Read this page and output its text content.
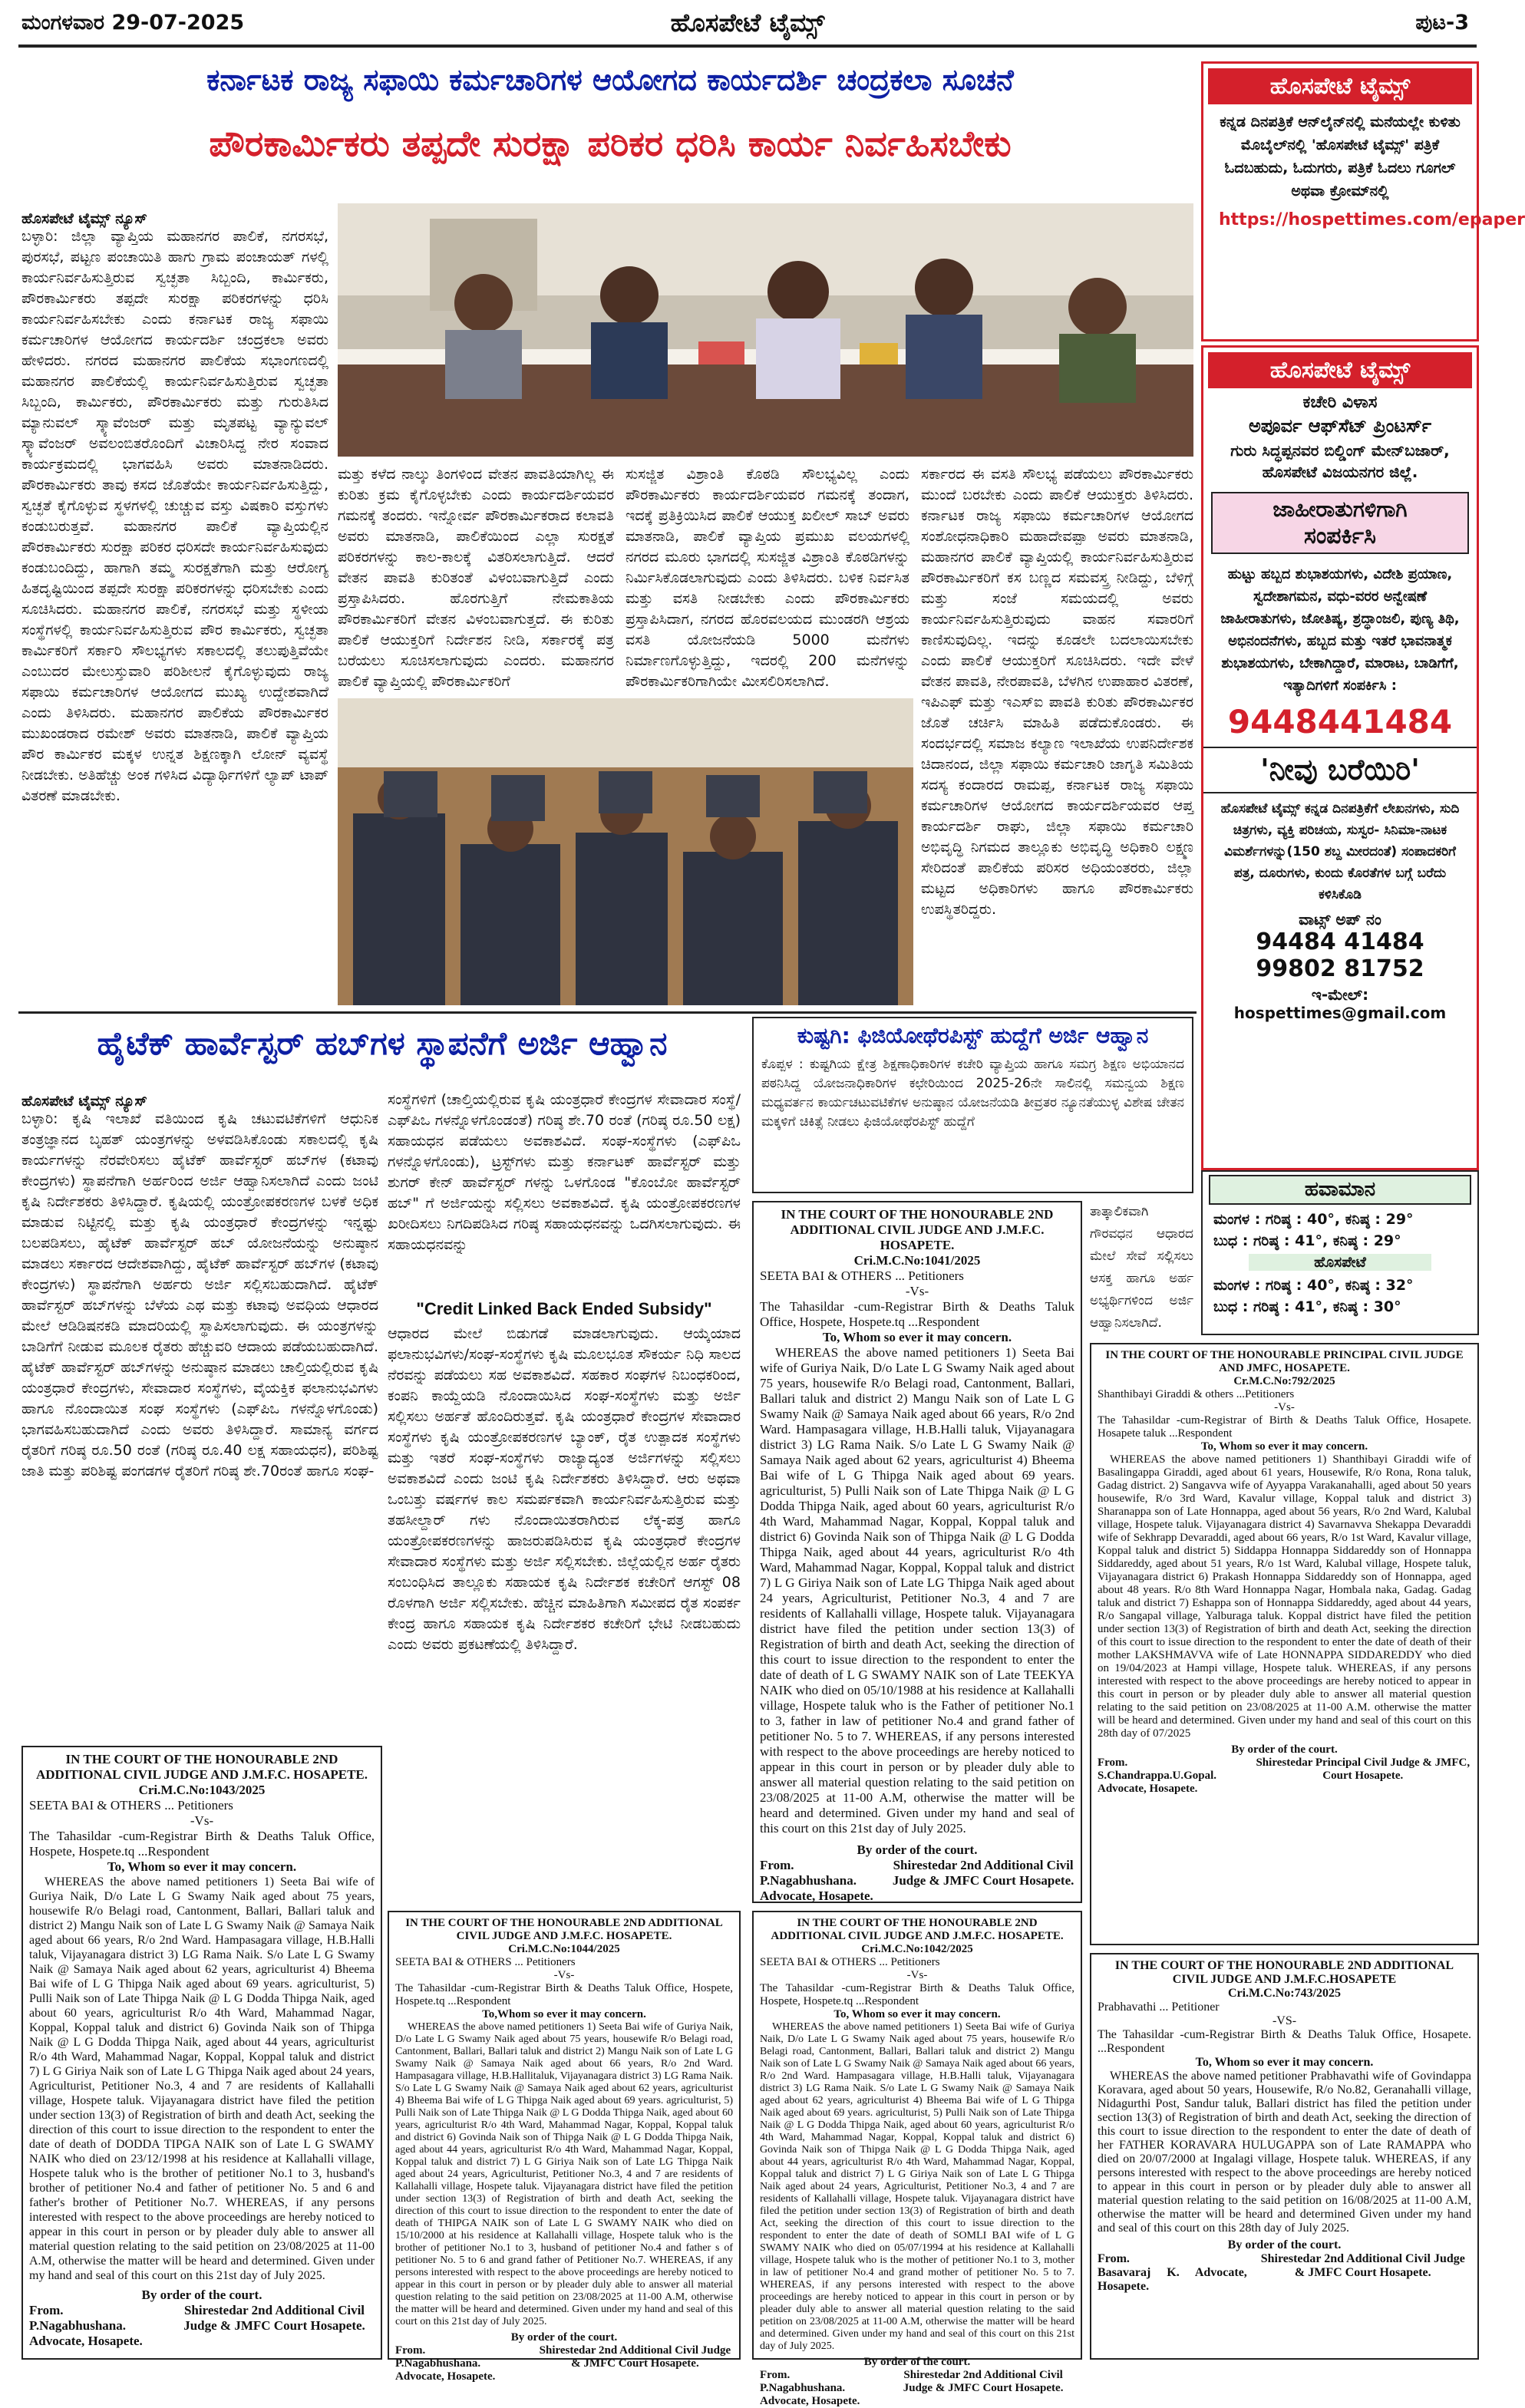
ಮಂಗಳವಾರ 29-07-2025	ಹೊಸಪೇಟೆ ಟೈಮ್ಸ್	ಪುಟ-3
ಕರ್ನಾಟಕ ರಾಜ್ಯ ಸಫಾಯಿ ಕರ್ಮಚಾರಿಗಳ ಆಯೋಗದ ಕಾರ್ಯದರ್ಶಿ ಚಂದ್ರಕಲಾ ಸೂಚನೆ
ಪೌರಕಾರ್ಮಿಕರು ತಪ್ಪದೇ ಸುರಕ್ಷಾ ಪರಿಕರ ಧರಿಸಿ ಕಾರ್ಯ ನಿರ್ವಹಿಸಬೇಕು
ಹೊಸಪೇಟೆ ಟೈಮ್ಸ್ ನ್ಯೂಸ್
ಬಳ್ಳಾರಿ: ಜಿಲ್ಲಾ ವ್ಯಾಪ್ತಿಯ ಮಹಾನಗರ ಪಾಲಿಕೆ, ನಗರಸಭೆ, ಪುರಸಭೆ, ಪಟ್ಟಣ ಪಂಚಾಯಿತಿ ಹಾಗು ಗ್ರಾಮ ಪಂಚಾಯತ್ ಗಳಲ್ಲಿ ಕಾರ್ಯನಿರ್ವಹಿಸುತ್ತಿರುವ ಸ್ವಚ್ಛತಾ ಸಿಬ್ಬಂದಿ, ಕಾರ್ಮಿಕರು, ಪೌರಕಾರ್ಮಿಕರು ತಪ್ಪದೇ ಸುರಕ್ಷಾ ಪರಿಕರಗಳನ್ನು ಧರಿಸಿ ಕಾರ್ಯನಿರ್ವಹಿಸಬೇಕು ಎಂದು ಕರ್ನಾಟಕ ರಾಜ್ಯ ಸಫಾಯಿ ಕರ್ಮಚಾರಿಗಳ ಆಯೋಗದ ಕಾರ್ಯದರ್ಶಿ ಚಂದ್ರಕಲಾ ಅವರು ಹೇಳಿದರು. ನಗರದ ಮಹಾನಗರ ಪಾಲಿಕೆಯ ಸಭಾಂಗಣದಲ್ಲಿ ಮಹಾನಗರ ಪಾಲಿಕೆಯಲ್ಲಿ ಕಾರ್ಯನಿರ್ವಹಿಸುತ್ತಿರುವ ಸ್ವಚ್ಛತಾ ಸಿಬ್ಬಂದಿ, ಕಾರ್ಮಿಕರು, ಪೌರಕಾರ್ಮಿಕರು ಮತ್ತು ಗುರುತಿಸಿದ ಮ್ಯಾನುವಲ್ ಸ್ಕ್ಯಾವೆಂಜರ್ ಮತ್ತು ಮೃತಪಟ್ಟ ವ್ಯಾನ್ಯುವಲ್ ಸ್ಕ್ಯಾವೆಂಜರ್ ಅವಲಂಬಿತರೊಂದಿಗೆ ವಿಚಾರಿಸಿದ್ದ ನೇರ ಸಂವಾದ ಕಾರ್ಯಕ್ರಮದಲ್ಲಿ ಭಾಗವಹಿಸಿ ಅವರು ಮಾತನಾಡಿದರು. ಪೌರಕಾರ್ಮಿಕರು ತಾವು ಕಸದ ಜೊತೆಯೇ ಕಾರ್ಯನಿರ್ವಹಿಸುತ್ತಿದ್ದು, ಸ್ವಚ್ಛತೆ ಕೈಗೊಳ್ಳುವ ಸ್ಥಳಗಳಲ್ಲಿ ಚುಚ್ಚುವ ವಸ್ತು ವಿಷಕಾರಿ ವಸ್ತುಗಳು ಕಂಡುಬರುತ್ತವೆ. ಮಹಾನಗರ ಪಾಲಿಕೆ ವ್ಯಾಪ್ತಿಯಲ್ಲಿನ ಪೌರಕಾರ್ಮಿಕರು ಸುರಕ್ಷಾ ಪರಿಕರ ಧರಿಸದೇ ಕಾರ್ಯನಿರ್ವಹಿಸುವುದು ಕಂಡುಬಂದಿದ್ದು, ಹಾಗಾಗಿ ತಮ್ಮ ಸುರಕ್ಷತೆಗಾಗಿ ಮತ್ತು ಆರೋಗ್ಯ ಹಿತದೃಷ್ಟಿಯಿಂದ ತಪ್ಪದೇ ಸುರಕ್ಷಾ ಪರಿಕರಗಳನ್ನು ಧರಿಸಬೇಕು ಎಂದು ಸೂಚಿಸಿದರು. ಮಹಾನಗರ ಪಾಲಿಕೆ, ನಗರಸಭೆ ಮತ್ತು ಸ್ಥಳೀಯ ಸಂಸ್ಥೆಗಳಲ್ಲಿ ಕಾರ್ಯನಿರ್ವಹಿಸುತ್ತಿರುವ ಪೌರ ಕಾರ್ಮಿಕರು, ಸ್ವಚ್ಛತಾ ಕಾರ್ಮಿಕರಿಗೆ ಸರ್ಕಾರಿ ಸೌಲಭ್ಯಗಳು ಸಕಾಲದಲ್ಲಿ ತಲುಪುತ್ತಿವೆಯೇ ಎಂಬುದರ ಮೇಲುಸ್ತುವಾರಿ ಪರಿಶೀಲನೆ ಕೈಗೊಳ್ಳುವುದು ರಾಜ್ಯ ಸಫಾಯಿ ಕರ್ಮಚಾರಿಗಳ ಆಯೋಗದ ಮುಖ್ಯ ಉದ್ದೇಶವಾಗಿದೆ ಎಂದು ತಿಳಿಸಿದರು. ಮಹಾನಗರ ಪಾಲಿಕೆಯ ಪೌರಕಾರ್ಮಿಕರ ಮುಖಂಡರಾದ ರಮೇಶ್ ಅವರು ಮಾತನಾಡಿ, ಪಾಲಿಕೆ ವ್ಯಾಪ್ತಿಯ ಪೌರ ಕಾರ್ಮಿಕರ ಮಕ್ಕಳ ಉನ್ನತ ಶಿಕ್ಷಣಕ್ಕಾಗಿ ಲೋನ್ ವ್ಯವಸ್ಥೆ ನೀಡಬೇಕು. ಅತಿಹೆಚ್ಚು ಅಂಕ ಗಳಿಸಿದ ವಿದ್ಯಾರ್ಥಿಗಳಿಗೆ ಲ್ಯಾಪ್ ಟಾಪ್ ವಿತರಣೆ ಮಾಡಬೇಕು.
ಮತ್ತು ಕಳೆದ ನಾಲ್ಕು ತಿಂಗಳಿಂದ ವೇತನ ಪಾವತಿಯಾಗಿಲ್ಲ ಈ ಕುರಿತು ಕ್ರಮ ಕೈಗೊಳ್ಳಬೇಕು ಎಂದು ಕಾರ್ಯದರ್ಶಿಯವರ ಗಮನಕ್ಕೆ ತಂದರು. ಇನ್ನೋರ್ವ ಪೌರಕಾರ್ಮಿಕರಾದ ಕಲಾವತಿ ಅವರು ಮಾತನಾಡಿ, ಪಾಲಿಕೆಯಿಂದ ಎಲ್ಲಾ ಸುರಕ್ಷತೆ ಪರಿಕರಗಳನ್ನು ಕಾಲ-ಕಾಲಕ್ಕೆ ವಿತರಿಸಲಾಗುತ್ತಿದೆ. ಆದರೆ ವೇತನ ಪಾವತಿ ಕುರಿತಂತೆ ವಿಳಂಬವಾಗುತ್ತಿದೆ ಎಂದು ಪ್ರಸ್ತಾಪಿಸಿದರು. ಹೊರಗುತ್ತಿಗೆ ನೇಮಕಾತಿಯ ಪೌರಕಾರ್ಮಿಕರಿಗೆ ವೇತನ ವಿಳಂಬವಾಗುತ್ತದೆ. ಈ ಕುರಿತು ಪಾಲಿಕೆ ಆಯುಕ್ತರಿಗೆ ನಿರ್ದೇಶನ ನೀಡಿ, ಸರ್ಕಾರಕ್ಕೆ ಪತ್ರ ಬರೆಯಲು ಸೂಚಿಸಲಾಗುವುದು ಎಂದರು. ಮಹಾನಗರ ಪಾಲಿಕೆ ವ್ಯಾಪ್ತಿಯಲ್ಲಿ ಪೌರಕಾರ್ಮಿಕರಿಗೆ
ಸುಸಜ್ಜಿತ ವಿಶ್ರಾಂತಿ ಕೊಠಡಿ ಸೌಲಭ್ಯವಿಲ್ಲ ಎಂದು ಪೌರಕಾರ್ಮಿಕರು ಕಾರ್ಯದರ್ಶಿಯವರ ಗಮನಕ್ಕೆ ತಂದಾಗ, ಇದಕ್ಕೆ ಪ್ರತಿಕ್ರಿಯಿಸಿದ ಪಾಲಿಕೆ ಆಯುಕ್ತ ಖಲೀಲ್ ಸಾಬ್ ಅವರು ಮಾತನಾಡಿ, ಪಾಲಿಕೆ ವ್ಯಾಪ್ತಿಯ ಪ್ರಮುಖ ವಲಯಗಳಲ್ಲಿ ನಗರದ ಮೂರು ಭಾಗದಲ್ಲಿ ಸುಸಜ್ಜಿತ ವಿಶ್ರಾಂತಿ ಕೊಠಡಿಗಳನ್ನು ನಿರ್ಮಿಸಿಕೊಡಲಾಗುವುದು ಎಂದು ತಿಳಿಸಿದರು. ಬಳಿಕ ನಿರ್ವಸಿತ ಮತ್ತು ವಸತಿ ನೀಡಬೇಕು ಎಂದು ಪೌರಕಾರ್ಮಿಕರು ಪ್ರಸ್ತಾಪಿಸಿದಾಗ, ನಗರದ ಹೊರವಲಯದ ಮುಂಡರಗಿ ಆಶ್ರಯ ವಸತಿ ಯೋಜನೆಯಡಿ 5000 ಮನೆಗಳು ನಿರ್ಮಾಣಗೊಳ್ಳುತ್ತಿದ್ದು, ಇದರಲ್ಲಿ 200 ಮನೆಗಳನ್ನು ಪೌರಕಾರ್ಮಿಕರಿಗಾಗಿಯೇ ಮೀಸಲಿರಿಸಲಾಗಿದೆ.
ಸರ್ಕಾರದ ಈ ವಸತಿ ಸೌಲಭ್ಯ ಪಡೆಯಲು ಪೌರಕಾರ್ಮಿಕರು ಮುಂದೆ ಬರಬೇಕು ಎಂದು ಪಾಲಿಕೆ ಆಯುಕ್ತರು ತಿಳಿಸಿದರು. ಕರ್ನಾಟಕ ರಾಜ್ಯ ಸಫಾಯಿ ಕರ್ಮಚಾರಿಗಳ ಆಯೋಗದ ಸಂಶೋಧನಾಧಿಕಾರಿ ಮಹಾದೇವಪ್ಪಾ ಅವರು ಮಾತನಾಡಿ, ಮಹಾನಗರ ಪಾಲಿಕೆ ವ್ಯಾಪ್ತಿಯಲ್ಲಿ ಕಾರ್ಯನಿರ್ವಹಿಸುತ್ತಿರುವ ಪೌರಕಾರ್ಮಿಕರಿಗೆ ಕಸ ಬಣ್ಣದ ಸಮವಸ್ತ್ರ ನೀಡಿದ್ದು, ಬೆಳಿಗ್ಗೆ ಮತ್ತು ಸಂಜೆ ಸಮಯದಲ್ಲಿ ಅವರು ಕಾರ್ಯನಿರ್ವಹಿಸುತ್ತಿರುವುದು ವಾಹನ ಸವಾರರಿಗೆ ಕಾಣಿಸುವುದಿಲ್ಲ. ಇದನ್ನು ಕೂಡಲೇ ಬದಲಾಯಿಸಬೇಕು ಎಂದು ಪಾಲಿಕೆ ಆಯುಕ್ತರಿಗೆ ಸೂಚಿಸಿದರು. ಇದೇ ವೇಳೆ ವೇತನ ಪಾವತಿ, ನೇರಪಾವತಿ, ಬೆಳಗಿನ ಉಪಾಹಾರ ವಿತರಣೆ, ಇಪಿಎಫ್ ಮತ್ತು ಇಎಸ್ಐ ಪಾವತಿ ಕುರಿತು ಪೌರಕಾರ್ಮಿಕರ ಜೊತೆ ಚರ್ಚಿಸಿ ಮಾಹಿತಿ ಪಡೆದುಕೊಂಡರು. ಈ ಸಂದರ್ಭದಲ್ಲಿ ಸಮಾಜ ಕಲ್ಯಾಣ ಇಲಾಖೆಯ ಉಪನಿರ್ದೇಶಕ ಚಿದಾನಂದ, ಜಿಲ್ಲಾ ಸಫಾಯಿ ಕರ್ಮಚಾರಿ ಜಾಗೃತಿ ಸಮಿತಿಯ ಸದಸ್ಯ ಕಂದಾರದ ರಾಮಪ್ಪ, ಕರ್ನಾಟಕ ರಾಜ್ಯ ಸಫಾಯಿ ಕರ್ಮಚಾರಿಗಳ ಆಯೋಗದ ಕಾರ್ಯದರ್ಶಿಯವರ ಆಪ್ತ ಕಾರ್ಯದರ್ಶಿ ರಾಘು, ಜಿಲ್ಲಾ ಸಫಾಯಿ ಕರ್ಮಚಾರಿ ಅಭಿವೃದ್ಧಿ ನಿಗಮದ ತಾಲ್ಲೂಕು ಅಭಿವೃದ್ಧಿ ಅಧಿಕಾರಿ ಲಕ್ಷ್ಮಣ ಸೇರಿದಂತೆ ಪಾಲಿಕೆಯ ಪರಿಸರ ಅಧಿಯಂತರರು, ಜಿಲ್ಲಾ ಮಟ್ಟದ ಅಧಿಕಾರಿಗಳು ಹಾಗೂ ಪೌರಕಾರ್ಮಿಕರು ಉಪಸ್ಥಿತರಿದ್ದರು.
ಹೊಸಪೇಟೆ ಟೈಮ್ಸ್
ಕನ್ನಡ ದಿನಪತ್ರಿಕೆ ಆನ್‌ಲೈನ್‌ನಲ್ಲಿ ಮನೆಯಲ್ಲೇ ಕುಳಿತು ಮೊಬೈಲ್‌ನಲ್ಲಿ 'ಹೊಸಪೇಟೆ ಟೈಮ್ಸ್' ಪತ್ರಿಕೆ ಓದಬಹುದು, ಓದುಗರು, ಪತ್ರಿಕೆ ಓದಲು ಗೂಗಲ್ ಅಥವಾ ಕ್ರೋಮ್‌ನಲ್ಲಿ
https://hospettimes.com/epaper
ಹೊಸಪೇಟೆ ಟೈಮ್ಸ್
ಕಚೇರಿ ವಿಳಾಸ
ಅಪೂರ್ವ ಆಫ್‌ಸೆಟ್ ಪ್ರಿಂಟರ್ಸ್
ಗುರು ಸಿದ್ಧಪ್ಪನವರ ಬಿಲ್ಡಿಂಗ್ ಮೇನ್‌ಬಜಾರ್, ಹೊಸಪೇಟೆ ವಿಜಯನಗರ ಜಿಲ್ಲೆ.
ಜಾಹೀರಾತುಗಳಿಗಾಗಿ
ಸಂಪರ್ಕಿಸಿ
ಹುಟ್ಟು ಹಬ್ಬದ ಶುಭಾಶಯಗಳು, ವಿದೇಶಿ ಪ್ರಯಾಣ, ಸ್ವದೇಶಾಗಮನ, ವಧು-ವರರ ಅನ್ವೇಷಣೆ ಜಾಹೀರಾತುಗಳು, ಜೋತಿಷ್ಯ, ಶ್ರದ್ಧಾಂಜಲಿ, ಪುಣ್ಯ ತಿಥಿ, ಅಭಿನಂದನೆಗಳು, ಹಬ್ಬದ ಮತ್ತು ಇತರೆ ಭಾವನಾತ್ಮಕ ಶುಭಾಶಯಗಳು, ಬೇಕಾಗಿದ್ದಾರೆ, ಮಾರಾಟ, ಬಾಡಿಗೆಗೆ, ಇತ್ಯಾದಿಗಳಿಗೆ ಸಂಪರ್ಕಿಸಿ :
9448441484
'ನೀವು ಬರೆಯಿರಿ'
ಹೊಸಪೇಟೆ ಟೈಮ್ಸ್ ಕನ್ನಡ ದಿನಪತ್ರಿಕೆಗೆ ಲೇಖನಗಳು, ಸುದಿ ಚಿತ್ರಗಳು, ವ್ಯಕ್ತಿ ಪರಿಚಯ, ಸುಸ್ವರ- ಸಿನಿಮಾ-ನಾಟಕ ವಿಮರ್ಶೆಗಳನ್ನು(150 ಶಬ್ದ ಮೀರದಂತೆ) ಸಂಪಾದಕರಿಗೆ ಪತ್ರ, ದೂರುಗಳು, ಕುಂದು ಕೊರತೆಗಳ ಬಗ್ಗೆ ಬರೆದು ಕಳಿಸಿಕೊಡಿ
ವಾಟ್ಸ್ ಅಪ್ ನಂ
94484 41484
99802 81752
ಇ-ಮೇಲ್: hospettimes@gmail.com
ಹವಾಮಾನ
ಮಂಗಳ : ಗರಿಷ್ಠ : 40°, ಕನಿಷ್ಠ : 29°
ಬುಧ : ಗರಿಷ್ಠ : 41°, ಕನಿಷ್ಠ : 29°
ಹೊಸಪೇಟೆ
ಮಂಗಳ : ಗರಿಷ್ಠ : 40°, ಕನಿಷ್ಠ : 32°
ಬುಧ : ಗರಿಷ್ಠ : 41°, ಕನಿಷ್ಠ : 30°
ಹೈಟೆಕ್ ಹಾರ್ವೆಸ್ಟರ್ ಹಬ್‌ಗಳ ಸ್ಥಾಪನೆಗೆ ಅರ್ಜಿ ಆಹ್ವಾನ
ಹೊಸಪೇಟೆ ಟೈಮ್ಸ್ ನ್ಯೂಸ್
ಬಳ್ಳಾರಿ: ಕೃಷಿ ಇಲಾಖೆ ವತಿಯಿಂದ ಕೃಷಿ ಚಟುವಟಿಕೆಗಳಿಗೆ ಆಧುನಿಕ ತಂತ್ರಜ್ಞಾನದ ಬೃಹತ್ ಯಂತ್ರಗಳನ್ನು ಅಳವಡಿಸಿಕೊಂಡು ಸಕಾಲದಲ್ಲಿ ಕೃಷಿ ಕಾರ್ಯಗಳನ್ನು ನೆರವೇರಿಸಲು ಹೈಟೆಕ್ ಹಾರ್ವೆಸ್ಟರ್ ಹಬ್‌ಗಳ (ಕಟಾವು ಕೇಂದ್ರಗಳು) ಸ್ಥಾಪನೆಗಾಗಿ ಅರ್ಹರಿಂದ ಅರ್ಜಿ ಆಹ್ವಾನಿಸಲಾಗಿದೆ ಎಂದು ಜಂಟಿ ಕೃಷಿ ನಿರ್ದೇಶಕರು ತಿಳಿಸಿದ್ದಾರೆ. ಕೃಷಿಯಲ್ಲಿ ಯಂತ್ರೋಪಕರಣಗಳ ಬಳಕೆ ಅಧಿಕ ಮಾಡುವ ನಿಟ್ಟಿನಲ್ಲಿ ಮತ್ತು ಕೃಷಿ ಯಂತ್ರಧಾರೆ ಕೇಂದ್ರಗಳನ್ನು ಇನ್ನಷ್ಟು ಬಲಪಡಿಸಲು, ಹೈಟೆಕ್ ಹಾರ್ವೆಸ್ಟರ್ ಹಬ್ ಯೋಜನೆಯನ್ನು ಅನುಷ್ಠಾನ ಮಾಡಲು ಸರ್ಕಾರದ ಆದೇಶವಾಗಿದ್ದು, ಹೈಟೆಕ್ ಹಾರ್ವೆಸ್ಟರ್ ಹಬ್‌ಗಳ (ಕಟಾವು ಕೇಂದ್ರಗಳು) ಸ್ಥಾಪನೆಗಾಗಿ ಅರ್ಹರು ಅರ್ಜಿ ಸಲ್ಲಿಸಬಹುದಾಗಿದೆ. ಹೈಟೆಕ್ ಹಾರ್ವೆಸ್ಟರ್ ಹಬ್‌ಗಳನ್ನು ಬೆಳೆಯ ಎಥ ಮತ್ತು ಕಟಾವು ಅವಧಿಯ ಆಧಾರದ ಮೇಲೆ ಆಡಿಡಿಷನಕಡಿ ಮಾದರಿಯಲ್ಲಿ ಸ್ಥಾಪಿಸಲಾಗುವುದು. ಈ ಯಂತ್ರಗಳನ್ನು ಬಾಡಿಗೆಗೆ ನೀಡುವ ಮೂಲಕ ರೈತರು ಹೆಚ್ಚುವರಿ ಆದಾಯ ಪಡೆಯಬಹುದಾಗಿದೆ. ಹೈಟೆಕ್ ಹಾರ್ವೆಸ್ಟರ್ ಹಬ್‌ಗಳನ್ನು ಅನುಷ್ಠಾನ ಮಾಡಲು ಚಾಲ್ತಿಯಲ್ಲಿರುವ ಕೃಷಿ ಯಂತ್ರಧಾರೆ ಕೇಂದ್ರಗಳು, ಸೇವಾದಾರ ಸಂಸ್ಥೆಗಳು, ವೈಯಕ್ತಿಕ ಫಲಾನುಭವಿಗಳು ಹಾಗೂ ನೊಂದಾಯಿತ ಸಂಘ ಸಂಸ್ಥೆಗಳು (ಎಫ್‌ಪಿಒ ಗಳನ್ನೊಳಗೊಂಡು) ಭಾಗವಹಿಸಬಹುದಾಗಿದೆ ಎಂದು ಅವರು ತಿಳಿಸಿದ್ದಾರೆ. ಸಾಮಾನ್ಯ ವರ್ಗದ ರೈತರಿಗೆ ಗರಿಷ್ಠ ರೂ.50 ರಂತೆ (ಗರಿಷ್ಠ ರೂ.40 ಲಕ್ಷ ಸಹಾಯಧನ), ಪರಿಶಿಷ್ಟ ಜಾತಿ ಮತ್ತು ಪರಿಶಿಷ್ಟ ಪಂಗಡಗಳ ರೈತರಿಗೆ ಗರಿಷ್ಠ ಶೇ.70ರಂತೆ ಹಾಗೂ ಸಂಘ-
ಸಂಸ್ಥೆಗಳಿಗೆ (ಚಾಲ್ತಿಯಲ್ಲಿರುವ ಕೃಷಿ ಯಂತ್ರಧಾರೆ ಕೇಂದ್ರಗಳ ಸೇವಾದಾರ ಸಂಸ್ಥೆ/ ಎಫ್‌ಪಿಒ ಗಳನ್ನೊಳಗೊಂಡಂತೆ) ಗರಿಷ್ಠ ಶೇ.70 ರಂತೆ (ಗರಿಷ್ಠ ರೂ.50 ಲಕ್ಷ) ಸಹಾಯಧನ ಪಡೆಯಲು ಅವಕಾಶವಿದೆ. ಸಂಘ-ಸಂಸ್ಥೆಗಳು (ಎಫ್‌ಪಿಒ ಗಳನ್ನೊಳಗೊಂಡು), ಟ್ರಸ್ಟ್‌ಗಳು ಮತ್ತು ಕರ್ನಾಟಕ್ ಹಾರ್ವೆಸ್ಟರ್ ಮತ್ತು ಶುಗರ್ ಕೇನ್ ಹಾರ್ವೆಸ್ಟರ್ ಗಳನ್ನು ಒಳಗೊಂಡ "ಕೊಂಬೋ ಹಾರ್ವೆಸ್ಟರ್ ಹಬ್" ಗೆ ಅರ್ಜಿಯನ್ನು ಸಲ್ಲಿಸಲು ಅವಕಾಶವಿದೆ. ಕೃಷಿ ಯಂತ್ರೋಪಕರಣಗಳ ಖರೀದಿಸಲು ನಿಗದಿಪಡಿಸಿದ ಗರಿಷ್ಠ ಸಹಾಯಧನವನ್ನು ಒದಗಿಸಲಾಗುವುದು. ಈ ಸಹಾಯಧನವನ್ನು
"Credit Linked Back Ended Subsidy"
ಆಧಾರದ ಮೇಲೆ ಬಿಡುಗಡೆ ಮಾಡಲಾಗುವುದು. ಆಯ್ಕೆಯಾದ ಫಲಾನುಭವಿಗಳು/ಸಂಘ-ಸಂಸ್ಥೆಗಳು ಕೃಷಿ ಮೂಲಭೂತ ಸೌಕರ್ಯ ನಿಧಿ ಸಾಲದ ನೆರವನ್ನು ಪಡೆಯಲು ಸಹ ಅವಕಾಶವಿದೆ. ಸಹಕಾರ ಸಂಘಗಳ ನಿಬಂಧಕರಿಂದ, ಕಂಪನಿ ಕಾಯ್ದೆಯಡಿ ನೊಂದಾಯಿಸಿದ ಸಂಘ-ಸಂಸ್ಥೆಗಳು ಮತ್ತು ಅರ್ಜಿ ಸಲ್ಲಿಸಲು ಅರ್ಹತೆ ಹೊಂದಿರುತ್ತವೆ. ಕೃಷಿ ಯಂತ್ರಧಾರೆ ಕೇಂದ್ರಗಳ ಸೇವಾದಾರ ಸಂಸ್ಥೆಗಳು ಕೃಷಿ ಯಂತ್ರೋಪಕರಣಗಳ ಬ್ಯಾಂಕ್, ರೈತ ಉತ್ಪಾದಕ ಸಂಸ್ಥೆಗಳು ಮತ್ತು ಇತರೆ ಸಂಘ-ಸಂಸ್ಥೆಗಳು ರಾಜ್ಯಾದ್ಯಂತ ಅರ್ಜಿಗಳನ್ನು ಸಲ್ಲಿಸಲು ಅವಕಾಶವಿದೆ ಎಂದು ಜಂಟಿ ಕೃಷಿ ನಿರ್ದೇಶಕರು ತಿಳಿಸಿದ್ದಾರೆ. ಆರು ಅಥವಾ ಒಂಬತ್ತು ವರ್ಷಗಳ ಕಾಲ ಸಮರ್ಪಕವಾಗಿ ಕಾರ್ಯನಿರ್ವಹಿಸುತ್ತಿರುವ ಮತ್ತು ತಹಸೀಲ್ದಾರ್ ಗಳು ನೊಂದಾಯಿತರಾಗಿರುವ ಲೆಕ್ಕ-ಪತ್ರ ಹಾಗೂ ಯಂತ್ರೋಪಕರಣಗಳನ್ನು ಹಾಜರುಪಡಿಸಿರುವ ಕೃಷಿ ಯಂತ್ರಧಾರೆ ಕೇಂದ್ರಗಳ ಸೇವಾದಾರ ಸಂಸ್ಥೆಗಳು ಮತ್ತು ಅರ್ಜಿ ಸಲ್ಲಿಸಬೇಕು. ಜಿಲ್ಲೆಯಲ್ಲಿನ ಅರ್ಹ ರೈತರು ಸಂಬಂಧಿಸಿದ ತಾಲ್ಲೂಕು ಸಹಾಯಕ ಕೃಷಿ ನಿರ್ದೇಶಕ ಕಚೇರಿಗೆ ಆಗಸ್ಟ್ 08 ರೊಳಗಾಗಿ ಅರ್ಜಿ ಸಲ್ಲಿಸಬೇಕು. ಹೆಚ್ಚಿನ ಮಾಹಿತಿಗಾಗಿ ಸಮೀಪದ ರೈತ ಸಂಪರ್ಕ ಕೇಂದ್ರ ಹಾಗೂ ಸಹಾಯಕ ಕೃಷಿ ನಿರ್ದೇಶಕರ ಕಚೇರಿಗೆ ಭೇಟಿ ನೀಡಬಹುದು ಎಂದು ಅವರು ಪ್ರಕಟಣೆಯಲ್ಲಿ ತಿಳಿಸಿದ್ದಾರೆ.
ಕುಷ್ಟಗಿ: ಫಿಜಿಯೋಥೆರಪಿಸ್ಟ್ ಹುದ್ದೆಗೆ ಅರ್ಜಿ ಆಹ್ವಾನ
ಕೊಪ್ಪಳ : ಕುಷ್ಟಗಿಯ ಕ್ಷೇತ್ರ ಶಿಕ್ಷಣಾಧಿಕಾರಿಗಳ ಕಚೇರಿ ವ್ಯಾಪ್ತಿಯ ಹಾಗೂ ಸಮಗ್ರ ಶಿಕ್ಷಣ ಅಭಿಯಾನದ ಪಠನಿಸಿದ್ದ ಯೋಜನಾಧಿಕಾರಿಗಳ ಕಛೇರಿಯಿಂದ 2025-26ನೇ ಸಾಲಿನಲ್ಲಿ ಸಮನ್ವಯ ಶಿಕ್ಷಣ ಮಧ್ಯವರ್ತನ ಕಾರ್ಯಚಟುವಟಿಕೆಗಳ ಅನುಷ್ಠಾನ ಯೋಜನೆಯಡಿ ತೀವ್ರತರ ನ್ಯೂನತೆಯುಳ್ಳ ವಿಶೇಷ ಚೇತನ ಮಕ್ಕಳಿಗೆ ಚಿಕಿತ್ಸೆ ನೀಡಲು ಫಿಜಿಯೋಥೆರಪಿಸ್ಟ್ ಹುದ್ದೆಗೆ
ತಾತ್ಕಾಲಿಕವಾಗಿ ಗೌರವಧನ ಆಧಾರದ ಮೇಲೆ ಸೇವೆ ಸಲ್ಲಿಸಲು ಆಸಕ್ತ ಹಾಗೂ ಅರ್ಹ ಅಭ್ಯರ್ಥಿಗಳಿಂದ ಅರ್ಜಿ ಆಹ್ವಾನಿಸಲಾಗಿದೆ.
IN THE COURT OF THE HONOURABLE 2ND ADDITIONAL CIVIL JUDGE AND J.M.F.C. HOSAPETE.
Cri.M.C.No:1041/2025
SEETA BAI & OTHERS ... Petitioners
-Vs-
The Tahasildar -cum-Registrar Birth & Deaths Taluk Office, Hospete, Hospete.tq ...Respondent
To, Whom so ever it may concern.
WHEREAS the above named petitioners 1) Seeta Bai wife of Guriya Naik, D/o Late L G Swamy Naik aged about 75 years, housewife R/o Belagi road, Cantonment, Ballari, Ballari taluk and district 2) Mangu Naik son of Late L G Swamy Naik @ Samaya Naik aged about 66 years, R/o 2nd Ward. Hampasagara village, H.B.Halli taluk, Vijayanagara district 3) LG Rama Naik. S/o Late L G Swamy Naik @ Samaya Naik aged about 62 years, agriculturist 4) Bheema Bai wife of L G Thipga Naik aged about 69 years. agriculturist, 5) Pulli Naik son of Late Thipga Naik @ L G Dodda Thipga Naik, aged about 60 years, agriculturist R/o 4th Ward, Mahammad Nagar, Koppal, Koppal taluk and district 6) Govinda Naik son of Thipga Naik @ L G Dodda Thipga Naik, aged about 44 years, agriculturist R/o 4th Ward, Mahammad Nagar, Koppal, Koppal taluk and district 7) L G Giriya Naik son of Late LG Thipga Naik aged about 24 years, Agriculturist, Petitioner No.3, 4 and 7 are residents of Kallahalli village, Hospete taluk. Vijayanagara district have filed the petition under section 13(3) of Registration of birth and death Act, seeking the direction of this court to issue direction to the respondent to enter the date of death of L G SWAMY NAIK son of Late TEEKYA NAIK who died on 05/10/1988 at his residence at Kallahalli village, Hospete taluk who is the Father of petitioner No.1 to 3, father in law of petitioner No.4 and grand father of petitioner No. 5 to 7. WHEREAS, if any persons interested with respect to the above proceedings are hereby noticed to appear in this court in person or by pleader duly able to answer all material question relating to the said petition on 23/08/2025 at 11-00 A.M, otherwise the matter will be heard and determined. Given under my hand and seal of this court on this 21st day of July 2025.
By order of the court.
From.
P.Nagabhushana. Advocate, Hosapete.
Shirestedar 2nd Additional Civil Judge & JMFC Court Hosapete.
IN THE COURT OF THE HONOURABLE 2ND ADDITIONAL CIVIL JUDGE AND J.M.F.C. HOSAPETE.
Cri.M.C.No:1043/2025
SEETA BAI & OTHERS ... Petitioners
-Vs-
The Tahasildar -cum-Registrar Birth & Deaths Taluk Office, Hospete, Hospete.tq ...Respondent
To, Whom so ever it may concern.
WHEREAS the above named petitioners 1) Seeta Bai wife of Guriya Naik, D/o Late L G Swamy Naik aged about 75 years, housewife R/o Belagi road, Cantonment, Ballari, Ballari taluk and district 2) Mangu Naik son of Late L G Swamy Naik @ Samaya Naik aged about 66 years, R/o 2nd Ward. Hampasagara village, H.B.Halli taluk, Vijayanagara district 3) LG Rama Naik. S/o Late L G Swamy Naik @ Samaya Naik aged about 62 years, agriculturist 4) Bheema Bai wife of L G Thipga Naik aged about 69 years. agriculturist, 5) Pulli Naik son of Late Thipga Naik @ L G Dodda Thipga Naik, aged about 60 years, agriculturist R/o 4th Ward, Mahammad Nagar, Koppal, Koppal taluk and district 6) Govinda Naik son of Thipga Naik @ L G Dodda Thipga Naik, aged about 44 years, agriculturist R/o 4th Ward, Mahammad Nagar, Koppal, Koppal taluk and district 7) L G Giriya Naik son of Late L G Thipga Naik aged about 24 years, Agriculturist, Petitioner No.3, 4 and 7 are residents of Kallahalli village, Hospete taluk. Vijayanagara district have filed the petition under section 13(3) of Registration of birth and death Act, seeking the direction of this court to issue direction to the respondent to enter the date of death of DODDA TIPGA NAIK son of Late L G SWAMY NAIK who died on 23/12/1998 at his residence at Kallahalli village, Hospete taluk who is the brother of petitioner No.1 to 3, husband's brother of petitioner No.4 and father of petitioner No. 5 and 6 and father's brother of Petitioner No.7. WHEREAS, if any persons interested with respect to the above proceedings are hereby noticed to appear in this court in person or by pleader duly able to answer all material question relating to the said petition on 23/08/2025 at 11-00 A.M, otherwise the matter will be heard and determined. Given under my hand and seal of this court on this 21st day of July 2025.
By order of the court.
From.
P.Nagabhushana. Advocate, Hosapete.
Shirestedar 2nd Additional Civil Judge & JMFC Court Hosapete.
IN THE COURT OF THE HONOURABLE 2ND ADDITIONAL CIVIL JUDGE AND J.M.F.C. HOSAPETE.
Cri.M.C.No:1044/2025
SEETA BAI & OTHERS ... Petitioners
-Vs-
The Tahasildar -cum-Registrar Birth & Deaths Taluk Office, Hospete, Hospete.tq ...Respondent
To,Whom so ever it may concern.
WHEREAS the above named petitioners 1) Seeta Bai wife of Guriya Naik, D/o Late L G Swamy Naik aged about 75 years, housewife R/o Belagi road, Cantonment, Ballari, Ballari taluk and district 2) Mangu Naik son of Late L G Swamy Naik @ Samaya Naik aged about 66 years, R/o 2nd Ward. Hampasagara village, H.B.Hallitaluk, Vijayanagara district 3) LG Rama Naik. S/o Late L G Swamy Naik @ Samaya Naik aged about 62 years, agriculturist 4) Bheema Bai wife of L G Thipga Naik aged about 69 years. agriculturist, 5) Pulli Naik son of Late Thipga Naik @ L G Dodda Thipga Naik, aged about 60 years, agriculturist R/o 4th Ward, Mahammad Nagar, Koppal, Koppal taluk and district 6) Govinda Naik son of Thipga Naik @ L G Dodda Thipga Naik, aged about 44 years, agriculturist R/o 4th Ward, Mahammad Nagar, Koppal, Koppal taluk and district 7) L G Giriya Naik son of Late LG Thipga Naik aged about 24 years, Agriculturist, Petitioner No.3, 4 and 7 are residents of Kallahalli village, Hospete taluk. Vijayanagara district have filed the petition under section 13(3) of Registration of birth and death Act, seeking the direction of this court to issue direction to the respondent to enter the date of death of THIPGA NAIK son of Late L G SWAMY NAIK who died on 15/10/2000 at his residence at Kallahalli village, Hospete taluk who is the brother of petitioner No.1 to 3, husband of petitioner No.4 and father s of petitioner No. 5 to 6 and grand father of Petitioner No.7. WHEREAS, if any persons interested with respect to the above proceedings are hereby noticed to appear in this court in person or by pleader duly able to answer all material question relating to the said petition on 23/08/2025 at 11-00 A.M, otherwise the matter will be heard and determined. Given under my hand and seal of this court on this 21st day of July 2025.
By order of the court.
From.
P.Nagabhushana. Advocate, Hosapete.
Shirestedar 2nd Additional Civil Judge & JMFC Court Hosapete.
IN THE COURT OF THE HONOURABLE 2ND ADDITIONAL CIVIL JUDGE AND J.M.F.C. HOSAPETE.
Cri.M.C.No:1042/2025
SEETA BAI & OTHERS ... Petitioners
-Vs-
The Tahasildar -cum-Registrar Birth & Deaths Taluk Office, Hospete, Hospete.tq ...Respondent
To, Whom so ever it may concern.
WHEREAS the above named petitioners 1) Seeta Bai wife of Guriya Naik, D/o Late L G Swamy Naik aged about 75 years, housewife R/o Belagi road, Cantonment, Ballari, Ballari taluk and district 2) Mangu Naik son of Late L G Swamy Naik @ Samaya Naik aged about 66 years, R/o 2nd Ward. Hampasagara village, H.B.Halli taluk, Vijayanagara district 3) LG Rama Naik. S/o Late L G Swamy Naik @ Samaya Naik aged about 62 years, agriculturist 4) Bheema Bai wife of L G Thipga Naik aged about 69 years. agriculturist, 5) Pulli Naik son of Late Thipga Naik @ L G Dodda Thipga Naik, aged about 60 years, agriculturist R/o 4th Ward, Mahammad Nagar, Koppal, Koppal taluk and district 6) Govinda Naik son of Thipga Naik @ L G Dodda Thipga Naik, aged about 44 years, agriculturist R/o 4th Ward, Mahammad Nagar, Koppal, Koppal taluk and district 7) L G Giriya Naik son of Late L G Thipga Naik aged about 24 years, Agriculturist, Petitioner No.3, 4 and 7 are residents of Kallahalli village, Hospete taluk. Vijayanagara district have filed the petition under section 13(3) of Registration of birth and death Act, seeking the direction of this court to issue direction to the respondent to enter the date of death of SOMLI BAI wife of L G SWAMY NAIK who died on 05/07/1994 at his residence at Kallahalli village, Hospete taluk who is the mother of petitioner No.1 to 3, mother in law of petitioner No.4 and grand mother of petitioner No. 5 to 7. WHEREAS, if any persons interested with respect to the above proceedings are hereby noticed to appear in this court in person or by pleader duly able to answer all material question relating to the said petition on 23/08/2025 at 11-00 A.M, otherwise the matter will be heard and determined. Given under my hand and seal of this court on this 21st day of July 2025.
By order of the court.
From.
P.Nagabhushana. Advocate, Hosapete.
Shirestedar 2nd Additional Civil Judge & JMFC Court Hosapete.
IN THE COURT OF THE HONOURABLE PRINCIPAL CIVIL JUDGE AND JMFC, HOSAPETE.
Cr.M.C.No:792/2025
Shanthibayi Giraddi & others ...Petitioners
-Vs-
The Tahasildar -cum-Registrar of Birth & Deaths Taluk Office, Hosapete. Hosapete taluk ...Respondent
To, Whom so ever it may concern.
WHEREAS the above named petitioners 1) Shanthibayi Giraddi wife of Basalingappa Giraddi, aged about 61 years, Housewife, R/o Rona, Rona taluk, Gadag district. 2) Sangavva wife of Ayyappa Varakanahalli, aged about 50 years housewife, R/o 3rd Ward, Kavalur village, Koppal taluk and district 3) Sharanappa son of Late Honnappa, aged about 56 years, R/o 2nd Ward, Kalubal village, Hospete taluk. Vijayanagara district 4) Savarnavva Shekappa Devaraddi wife of Sekhrapp Devaraddi, aged about 66 years, R/o 1st Ward, Kavalur village, Koppal taluk and district 5) Siddappa Honnappa Siddareddy son of Honnappa Siddareddy, aged about 51 years, R/o 1st Ward, Kalubal village, Hospete taluk, Vijayanagara district 6) Prakash Honnappa Siddareddy son of Honnappa, aged about 48 years. R/o 8th Ward Honnappa Nagar, Hombala naka, Gadag. Gadag taluk and district 7) Eshappa son of Honnappa Siddareddy, aged about 44 years, R/o Sangapal village, Yalburaga taluk. Koppal district have filed the petition under section 13(3) of Registration of birth and death Act, seeking the direction of this court to issue direction to the respondent to enter the date of death of their mother LAKSHMAVVA wife of Late HONNAPPA SIDDAREDDY who died on 19/04/2023 at Hampi village, Hospete taluk. WHEREAS, if any persons interested with respect to the above proceedings are hereby noticed to appear in this court in person or by pleader duly able to answer all material question relating to the said petition on 23/08/2025 at 11-00 A.M. otherwise the matter will be heard and determined. Given under my hand and seal of this court on this 28th day of 07/2025
By order of the court.
From.
S.Chandrappa.U.Gopal. Advocate, Hosapete.
Shirestedar Principal Civil Judge & JMFC, Court Hosapete.
IN THE COURT OF THE HONOURABLE 2ND ADDITIONAL CIVIL JUDGE AND J.M.F.C.HOSAPETE
Cri.M.C.No:743/2025
Prabhavathi ... Petitioner
-VS-
The Tahasildar -cum-Registrar Birth & Deaths Taluk Office, Hosapete. ...Respondent
To, Whom so ever it may concern.
WHEREAS the above named petitioner Prabhavathi wife of Govindappa Koravara, aged about 50 years, Housewife, R/o No.82, Geranahalli village, Nidagurthi Post, Sandur taluk, Ballari district has filed the petition under section 13(3) of Registration of birth and death Act, seeking the direction of this court to issue direction to the respondent to enter the date of death of her FATHER KORAVARA HULUGAPPA son of Late RAMAPPA who died on 20/07/2000 at Ingalagi village, Hospete taluk. WHEREAS, if any persons interested with respect to the above proceedings are hereby noticed to appear in this court in person or by pleader duly able to answer all material question relating to the said petition on 16/08/2025 at 11-00 A.M, otherwise the matter will be heard and determined Given under my hand and seal of this court on this 28th day of July 2025.
By order of the court.
From.
Basavaraj K. Advocate, Hosapete.
Shirestedar 2nd Additional Civil Judge & JMFC Court Hosapete.
